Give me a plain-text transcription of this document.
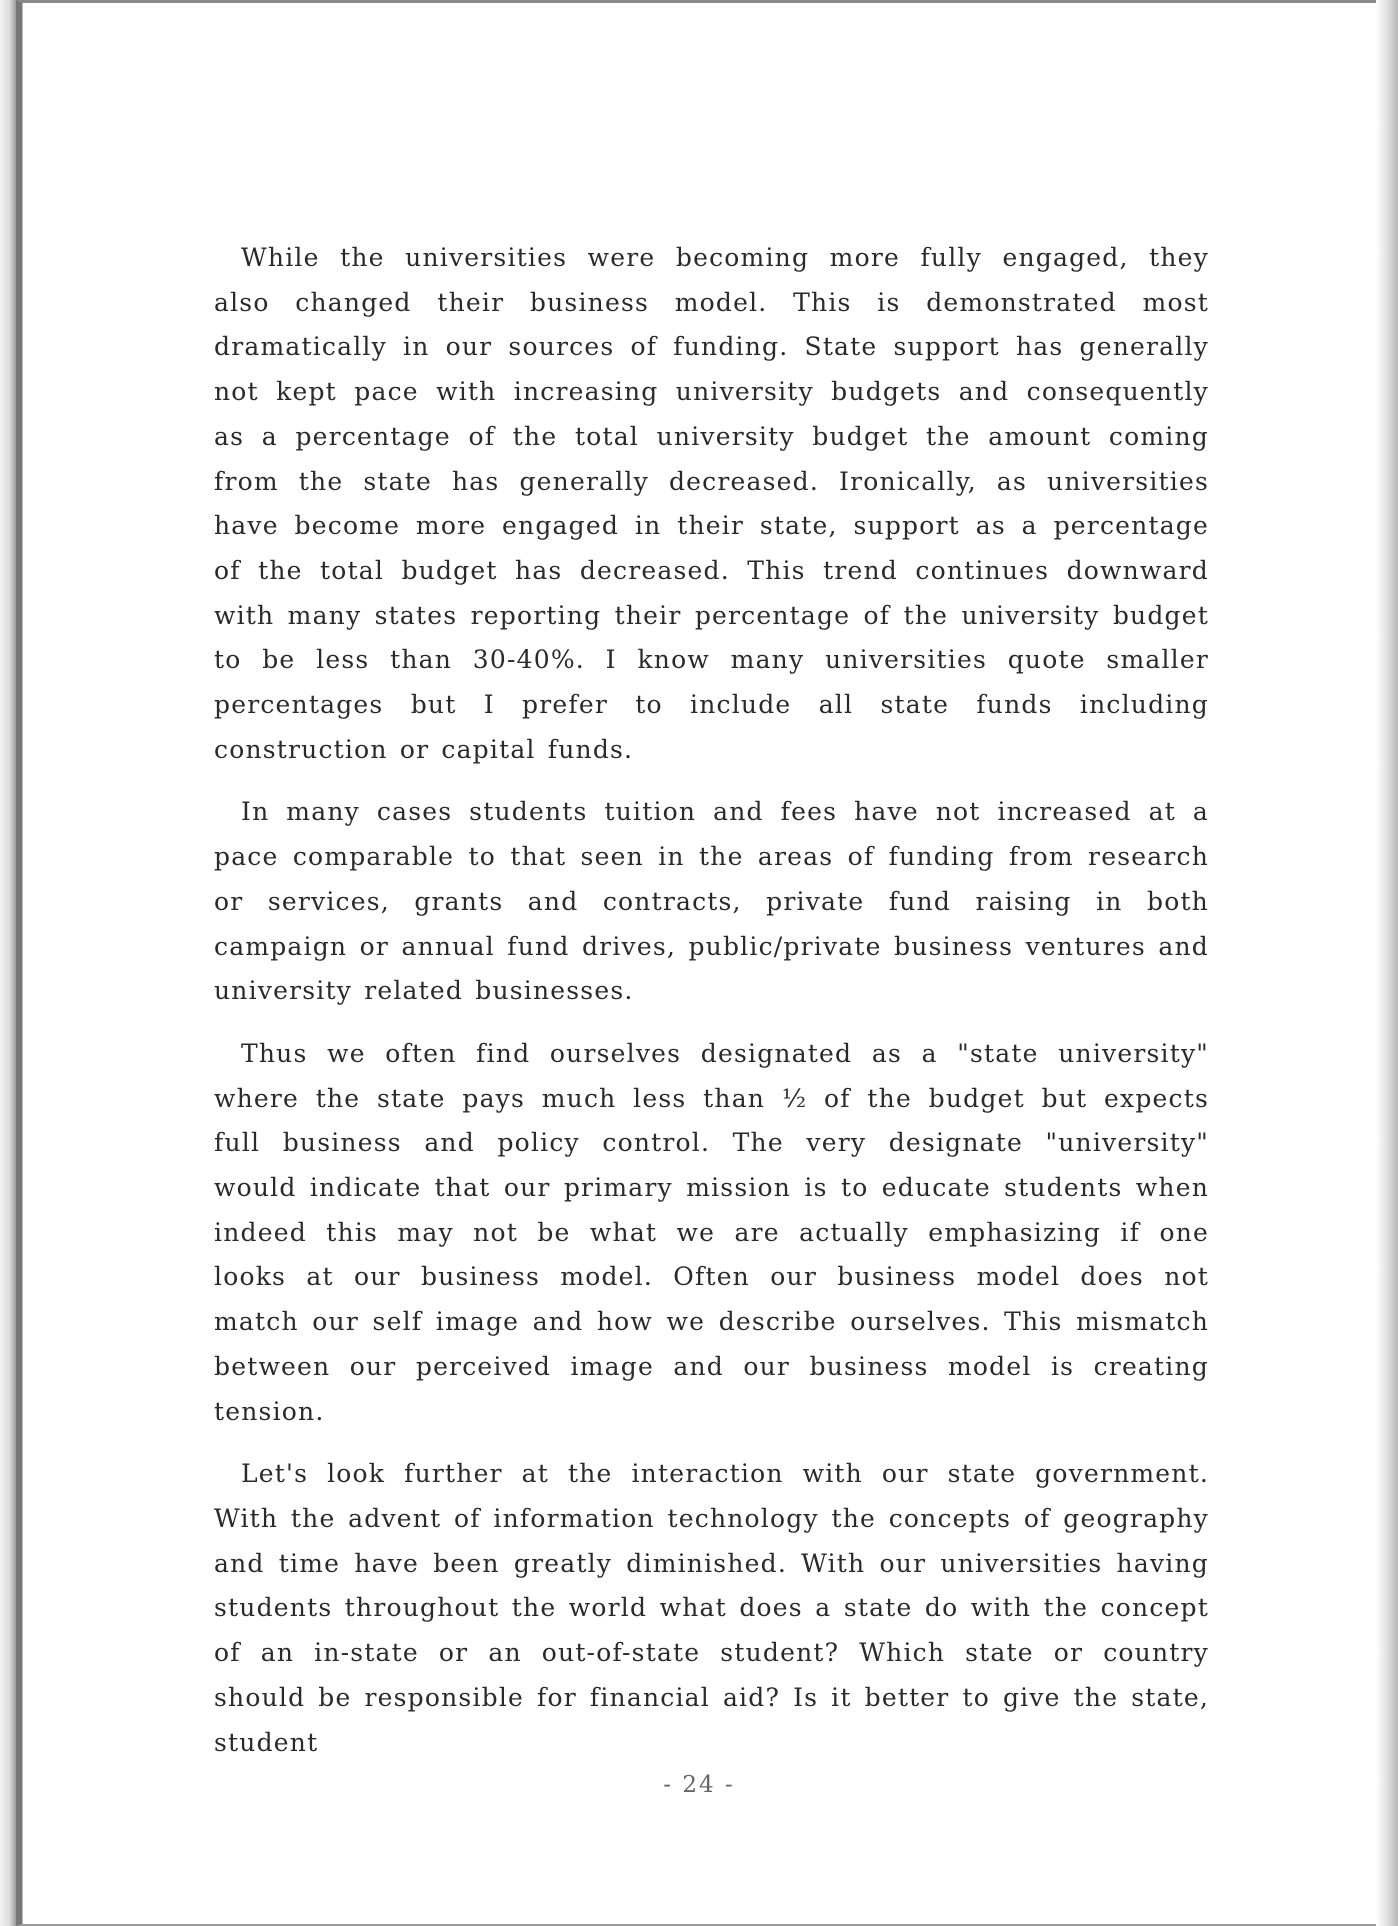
While the universities were becoming more fully engaged, they also changed their business model. This is demonstrated most dramatically in our sources of funding. State support has generally not kept pace with increasing university budgets and consequently as a percentage of the total university budget the amount coming from the state has generally decreased. Ironically, as universities have become more engaged in their state, support as a percentage of the total budget has decreased. This trend continues downward with many states reporting their percentage of the university budget to be less than 30-40%. I know many universities quote smaller percentages but I prefer to include all state funds including construction or capital funds.

In many cases students tuition and fees have not increased at a pace comparable to that seen in the areas of funding from research or services, grants and contracts, private fund raising in both campaign or annual fund drives, public/private business ventures and university related businesses.

Thus we often find ourselves designated as a "state university" where the state pays much less than ½ of the budget but expects full business and policy control. The very designate "university" would indicate that our primary mission is to educate students when indeed this may not be what we are actually emphasizing if one looks at our business model. Often our business model does not match our self image and how we describe ourselves. This mismatch between our perceived image and our business model is creating tension.

Let's look further at the interaction with our state government. With the advent of information technology the concepts of geography and time have been greatly diminished. With our universities having students throughout the world what does a state do with the concept of an in-state or an out-of-state student? Which state or country should be responsible for financial aid? Is it better to give the state, student

- 24 -
